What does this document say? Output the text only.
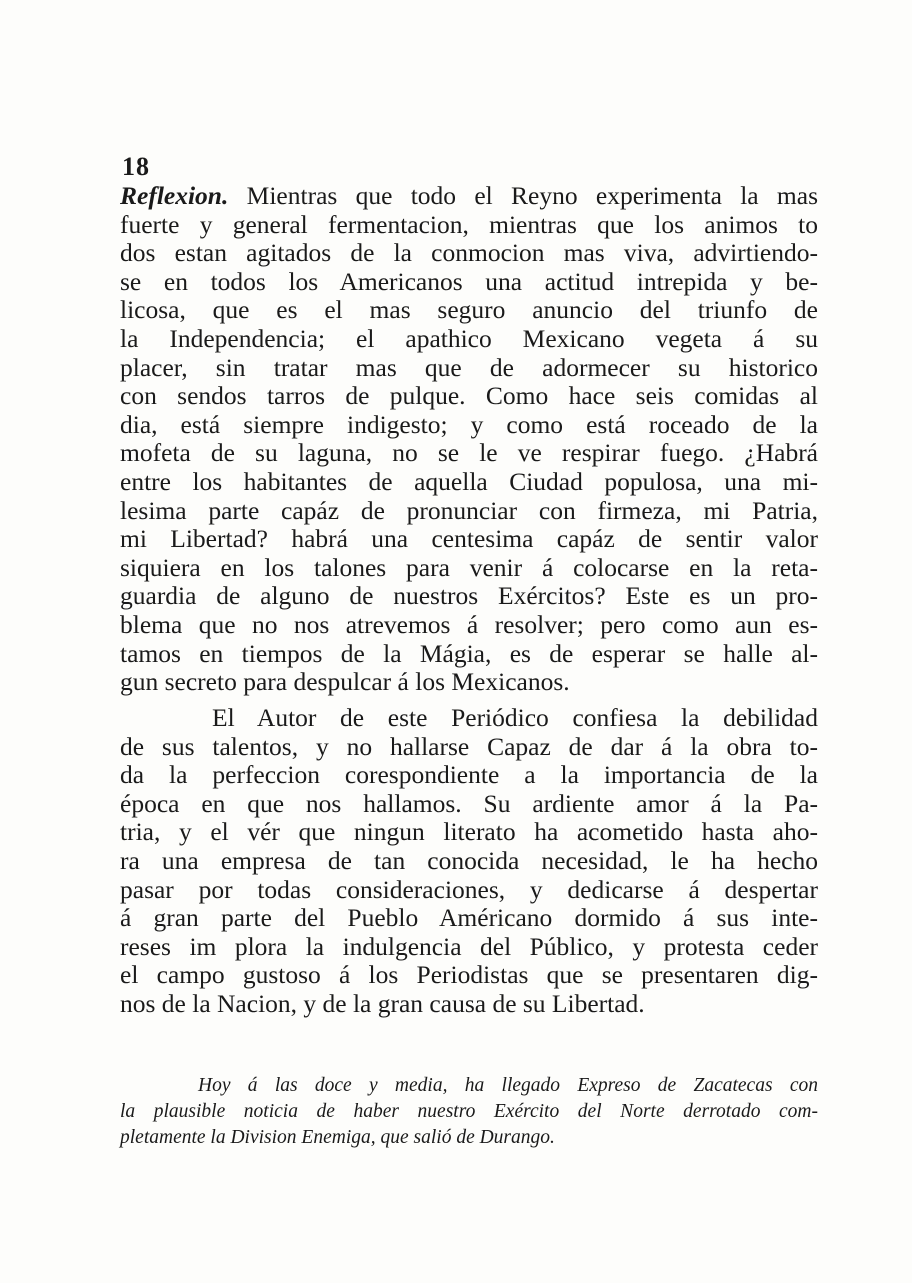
18
Reflexion. Mientras que todo el Reyno experimenta la mas
fuerte y general fermentacion, mientras que los animos to
dos estan agitados de la conmocion mas viva, advirtiendo-
se en todos los Americanos una actitud intrepida y be-
licosa, que es el mas seguro anuncio del triunfo de
la Independencia; el apathico Mexicano vegeta á su
placer, sin tratar mas que de adormecer su historico
con sendos tarros de pulque. Como hace seis comidas al
dia, está siempre indigesto; y como está roceado de la
mofeta de su laguna, no se le ve respirar fuego. ¿Habrá
entre los habitantes de aquella Ciudad populosa, una mi-
lesima parte capáz de pronunciar con firmeza, mi Patria,
mi Libertad? habrá una centesima capáz de sentir valor
siquiera en los talones para venir á colocarse en la reta-
guardia de alguno de nuestros Exércitos? Este es un pro-
blema que no nos atrevemos á resolver; pero como aun es-
tamos en tiempos de la Mágia, es de esperar se halle al-
gun secreto para despulcar á los Mexicanos.
El Autor de este Periódico confiesa la debilidad
de sus talentos, y no hallarse Capaz de dar á la obra to-
da la perfeccion corespondiente a la importancia de la
época en que nos hallamos. Su ardiente amor á la Pa-
tria, y el vér que ningun literato ha acometido hasta aho-
ra una empresa de tan conocida necesidad, le ha hecho
pasar por todas consideraciones, y dedicarse á despertar
á gran parte del Pueblo Américano dormido á sus inte-
reses im plora la indulgencia del Público, y protesta ceder
el campo gustoso á los Periodistas que se presentaren dig-
nos de la Nacion, y de la gran causa de su Libertad.
Hoy á las doce y media, ha llegado Expreso de Zacatecas con
la plausible noticia de haber nuestro Exército del Norte derrotado com-
pletamente la Division Enemiga, que salió de Durango.
